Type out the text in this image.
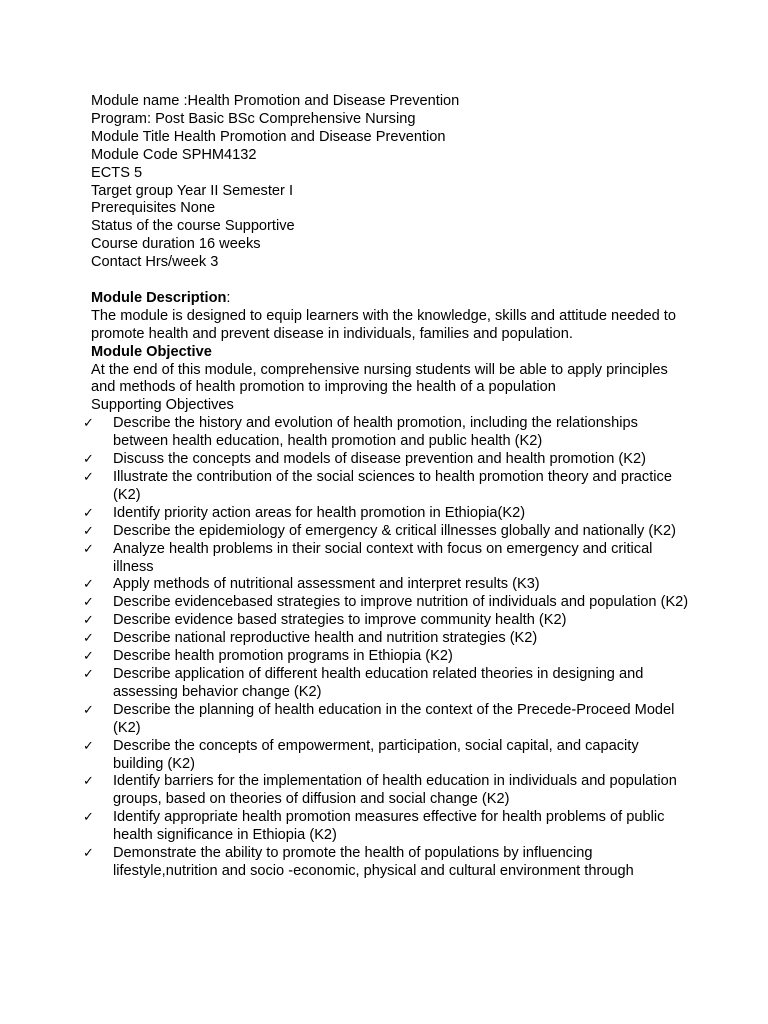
Module name :Health Promotion and Disease Prevention

Program: Post Basic BSc Comprehensive Nursing

Module Title Health Promotion and Disease Prevention

Module Code SPHM4132

ECTS 5

Target group Year II Semester I

Prerequisites None

Status of the course Supportive

Course duration 16 weeks

Contact Hrs/week 3

Module Description:

The module is designed to equip learners with the knowledge, skills and attitude needed to promote health and prevent disease in individuals, families and population.

Module Objective

At the end of this module, comprehensive nursing students will be able to apply principles and methods of health promotion to improving the health of a population

Supporting Objectives

✓ Describe the history and evolution of health promotion, including the relationships between health education, health promotion and public health (K2)
✓ Discuss the concepts and models of disease prevention and health promotion (K2)
✓ Illustrate the contribution of the social sciences to health promotion theory and practice (K2)
✓ Identify priority action areas for health promotion in Ethiopia(K2)
✓ Describe the epidemiology of emergency & critical illnesses globally and nationally (K2)
✓ Analyze health problems in their social context with focus on emergency and critical illness
✓ Apply methods of nutritional assessment and interpret results (K3)
✓ Describe evidencebased strategies to improve nutrition of individuals and population (K2)
✓ Describe evidence based strategies to improve community health (K2)
✓ Describe national reproductive health and nutrition strategies (K2)
✓ Describe health promotion programs in Ethiopia (K2)
✓ Describe application of different health education related theories in designing and assessing behavior change (K2)
✓ Describe the planning of health education in the context of the Precede-Proceed Model (K2)
✓ Describe the concepts of empowerment, participation, social capital, and capacity building (K2)
✓ Identify barriers for the implementation of health education in individuals and population groups, based on theories of diffusion and social change (K2)
✓ Identify appropriate health promotion measures effective for health problems of public health significance in Ethiopia (K2)
✓ Demonstrate the ability to promote the health of populations by influencing lifestyle,nutrition and socio -economic, physical and cultural environment through
